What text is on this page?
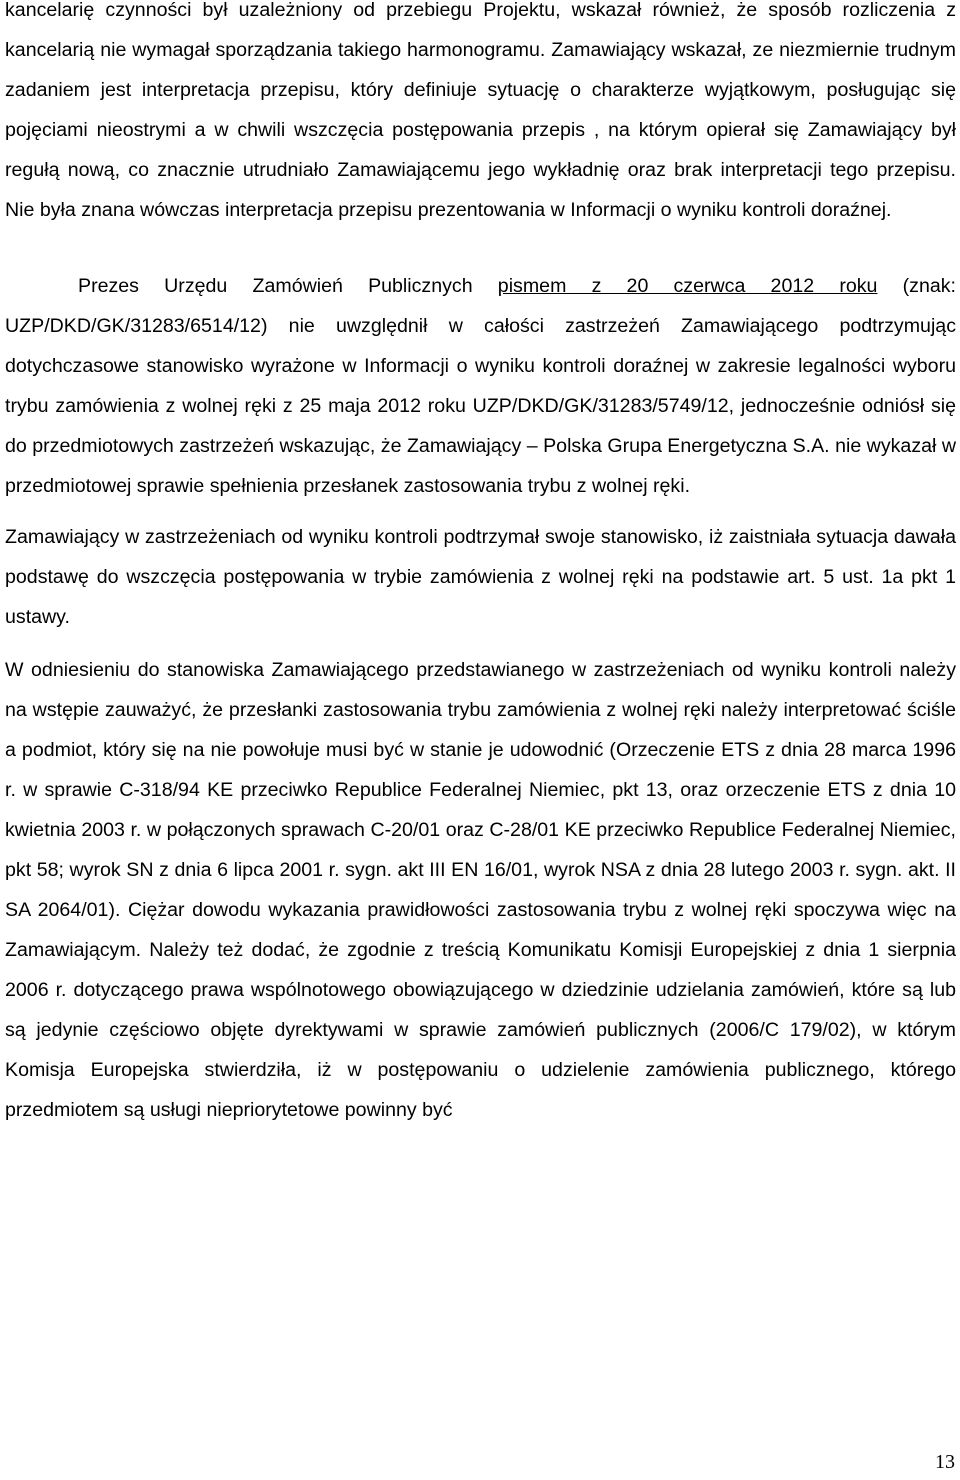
kancelarię czynności był uzależniony od przebiegu Projektu, wskazał również, że sposób rozliczenia z kancelarią nie wymagał sporządzania takiego harmonogramu. Zamawiający wskazał, ze niezmiernie trudnym zadaniem jest interpretacja przepisu, który definiuje sytuację o charakterze wyjątkowym, posługując się pojęciami nieostrymi a w chwili wszczęcia postępowania przepis , na którym opierał się Zamawiający był regułą nową, co znacznie utrudniało Zamawiającemu jego wykładnię oraz brak interpretacji tego przepisu. Nie była znana wówczas interpretacja przepisu prezentowania w Informacji o wyniku kontroli doraźnej.

Prezes Urzędu Zamówień Publicznych pismem z 20 czerwca 2012 roku (znak: UZP/DKD/GK/31283/6514/12) nie uwzględnił w całości zastrzeżeń Zamawiającego podtrzymując dotychczasowe stanowisko wyrażone w Informacji o wyniku kontroli doraźnej w zakresie legalności wyboru trybu zamówienia z wolnej ręki z 25 maja 2012 roku UZP/DKD/GK/31283/5749/12, jednocześnie odniósł się do przedmiotowych zastrzeżeń wskazując, że Zamawiający – Polska Grupa Energetyczna S.A. nie wykazał w przedmiotowej sprawie spełnienia przesłanek zastosowania trybu z wolnej ręki.

Zamawiający w zastrzeżeniach od wyniku kontroli podtrzymał swoje stanowisko, iż zaistniała sytuacja dawała podstawę do wszczęcia postępowania w trybie zamówienia z wolnej ręki na podstawie art. 5 ust. 1a pkt 1 ustawy.

W odniesieniu do stanowiska Zamawiającego przedstawianego w zastrzeżeniach od wyniku kontroli należy na wstępie zauważyć, że przesłanki zastosowania trybu zamówienia z wolnej ręki należy interpretować ściśle a podmiot, który się na nie powołuje musi być w stanie je udowodnić (Orzeczenie ETS z dnia 28 marca 1996 r. w sprawie C-318/94 KE przeciwko Republice Federalnej Niemiec, pkt 13, oraz orzeczenie ETS z dnia 10 kwietnia 2003 r. w połączonych sprawach C-20/01 oraz C-28/01 KE przeciwko Republice Federalnej Niemiec, pkt 58; wyrok SN z dnia 6 lipca 2001 r. sygn. akt III EN 16/01, wyrok NSA z dnia 28 lutego 2003 r. sygn. akt. II SA 2064/01). Ciężar dowodu wykazania prawidłowości zastosowania trybu z wolnej ręki spoczywa więc na Zamawiającym. Należy też dodać, że zgodnie z treścią Komunikatu Komisji Europejskiej z dnia 1 sierpnia 2006 r. dotyczącego prawa wspólnotowego obowiązującego w dziedzinie udzielania zamówień, które są lub są jedynie częściowo objęte dyrektywami w sprawie zamówień publicznych (2006/C 179/02), w którym Komisja Europejska stwierdziła, iż w postępowaniu o udzielenie zamówienia publicznego, którego przedmiotem są usługi niepriorytetowe powinny być

13
